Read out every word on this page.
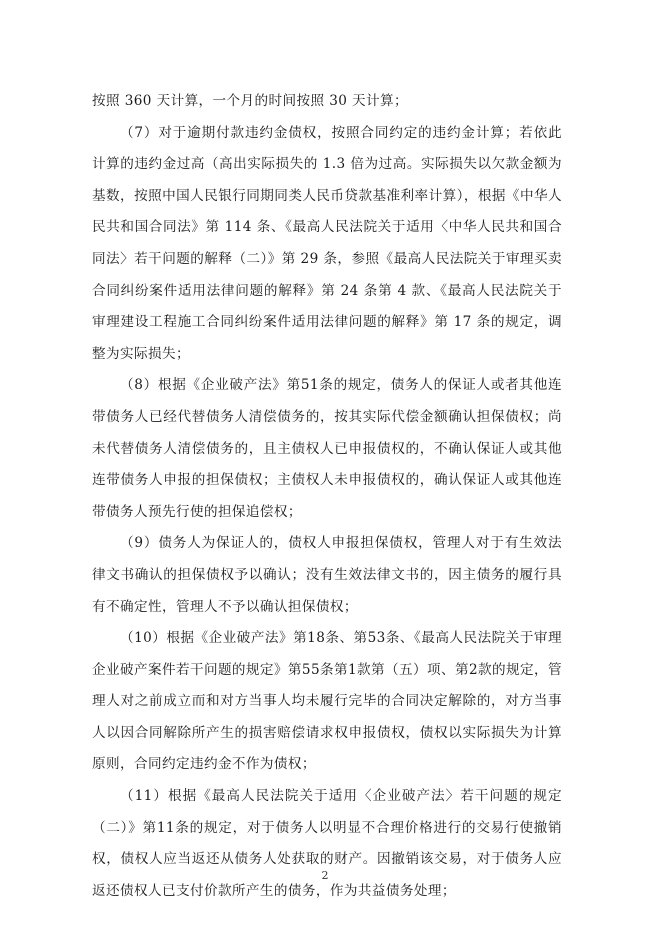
按照 360 天计算，一个月的时间按照 30 天计算；

（7）对于逾期付款违约金债权，按照合同约定的违约金计算；若依此计算的违约金过高（高出实际损失的 1.3 倍为过高。实际损失以欠款金额为基数，按照中国人民银行同期同类人民币贷款基准利率计算），根据《中华人民共和国合同法》第 114 条、《最高人民法院关于适用〈中华人民共和国合同法〉若干问题的解释（二）》第 29 条，参照《最高人民法院关于审理买卖合同纠纷案件适用法律问题的解释》第 24 条第 4 款、《最高人民法院关于审理建设工程施工合同纠纷案件适用法律问题的解释》第 17 条的规定，调整为实际损失；

（8）根据《企业破产法》第51条的规定，债务人的保证人或者其他连带债务人已经代替债务人清偿债务的，按其实际代偿金额确认担保债权；尚未代替债务人清偿债务的，且主债权人已申报债权的，不确认保证人或其他连带债务人申报的担保债权；主债权人未申报债权的，确认保证人或其他连带债务人预先行使的担保追偿权；

（9）债务人为保证人的，债权人申报担保债权，管理人对于有生效法律文书确认的担保债权予以确认；没有生效法律文书的，因主债务的履行具有不确定性，管理人不予以确认担保债权；

（10）根据《企业破产法》第18条、第53条、《最高人民法院关于审理企业破产案件若干问题的规定》第55条第1款第（五）项、第2款的规定，管理人对之前成立而和对方当事人均未履行完毕的合同决定解除的，对方当事人以因合同解除所产生的损害赔偿请求权申报债权，债权以实际损失为计算原则，合同约定违约金不作为债权；

（11）根据《最高人民法院关于适用〈企业破产法〉若干问题的规定（二）》第11条的规定，对于债务人以明显不合理价格进行的交易行使撤销权，债权人应当返还从债务人处获取的财产。因撤销该交易，对于债务人应返还债权人已支付价款所产生的债务，作为共益债务处理；

2
